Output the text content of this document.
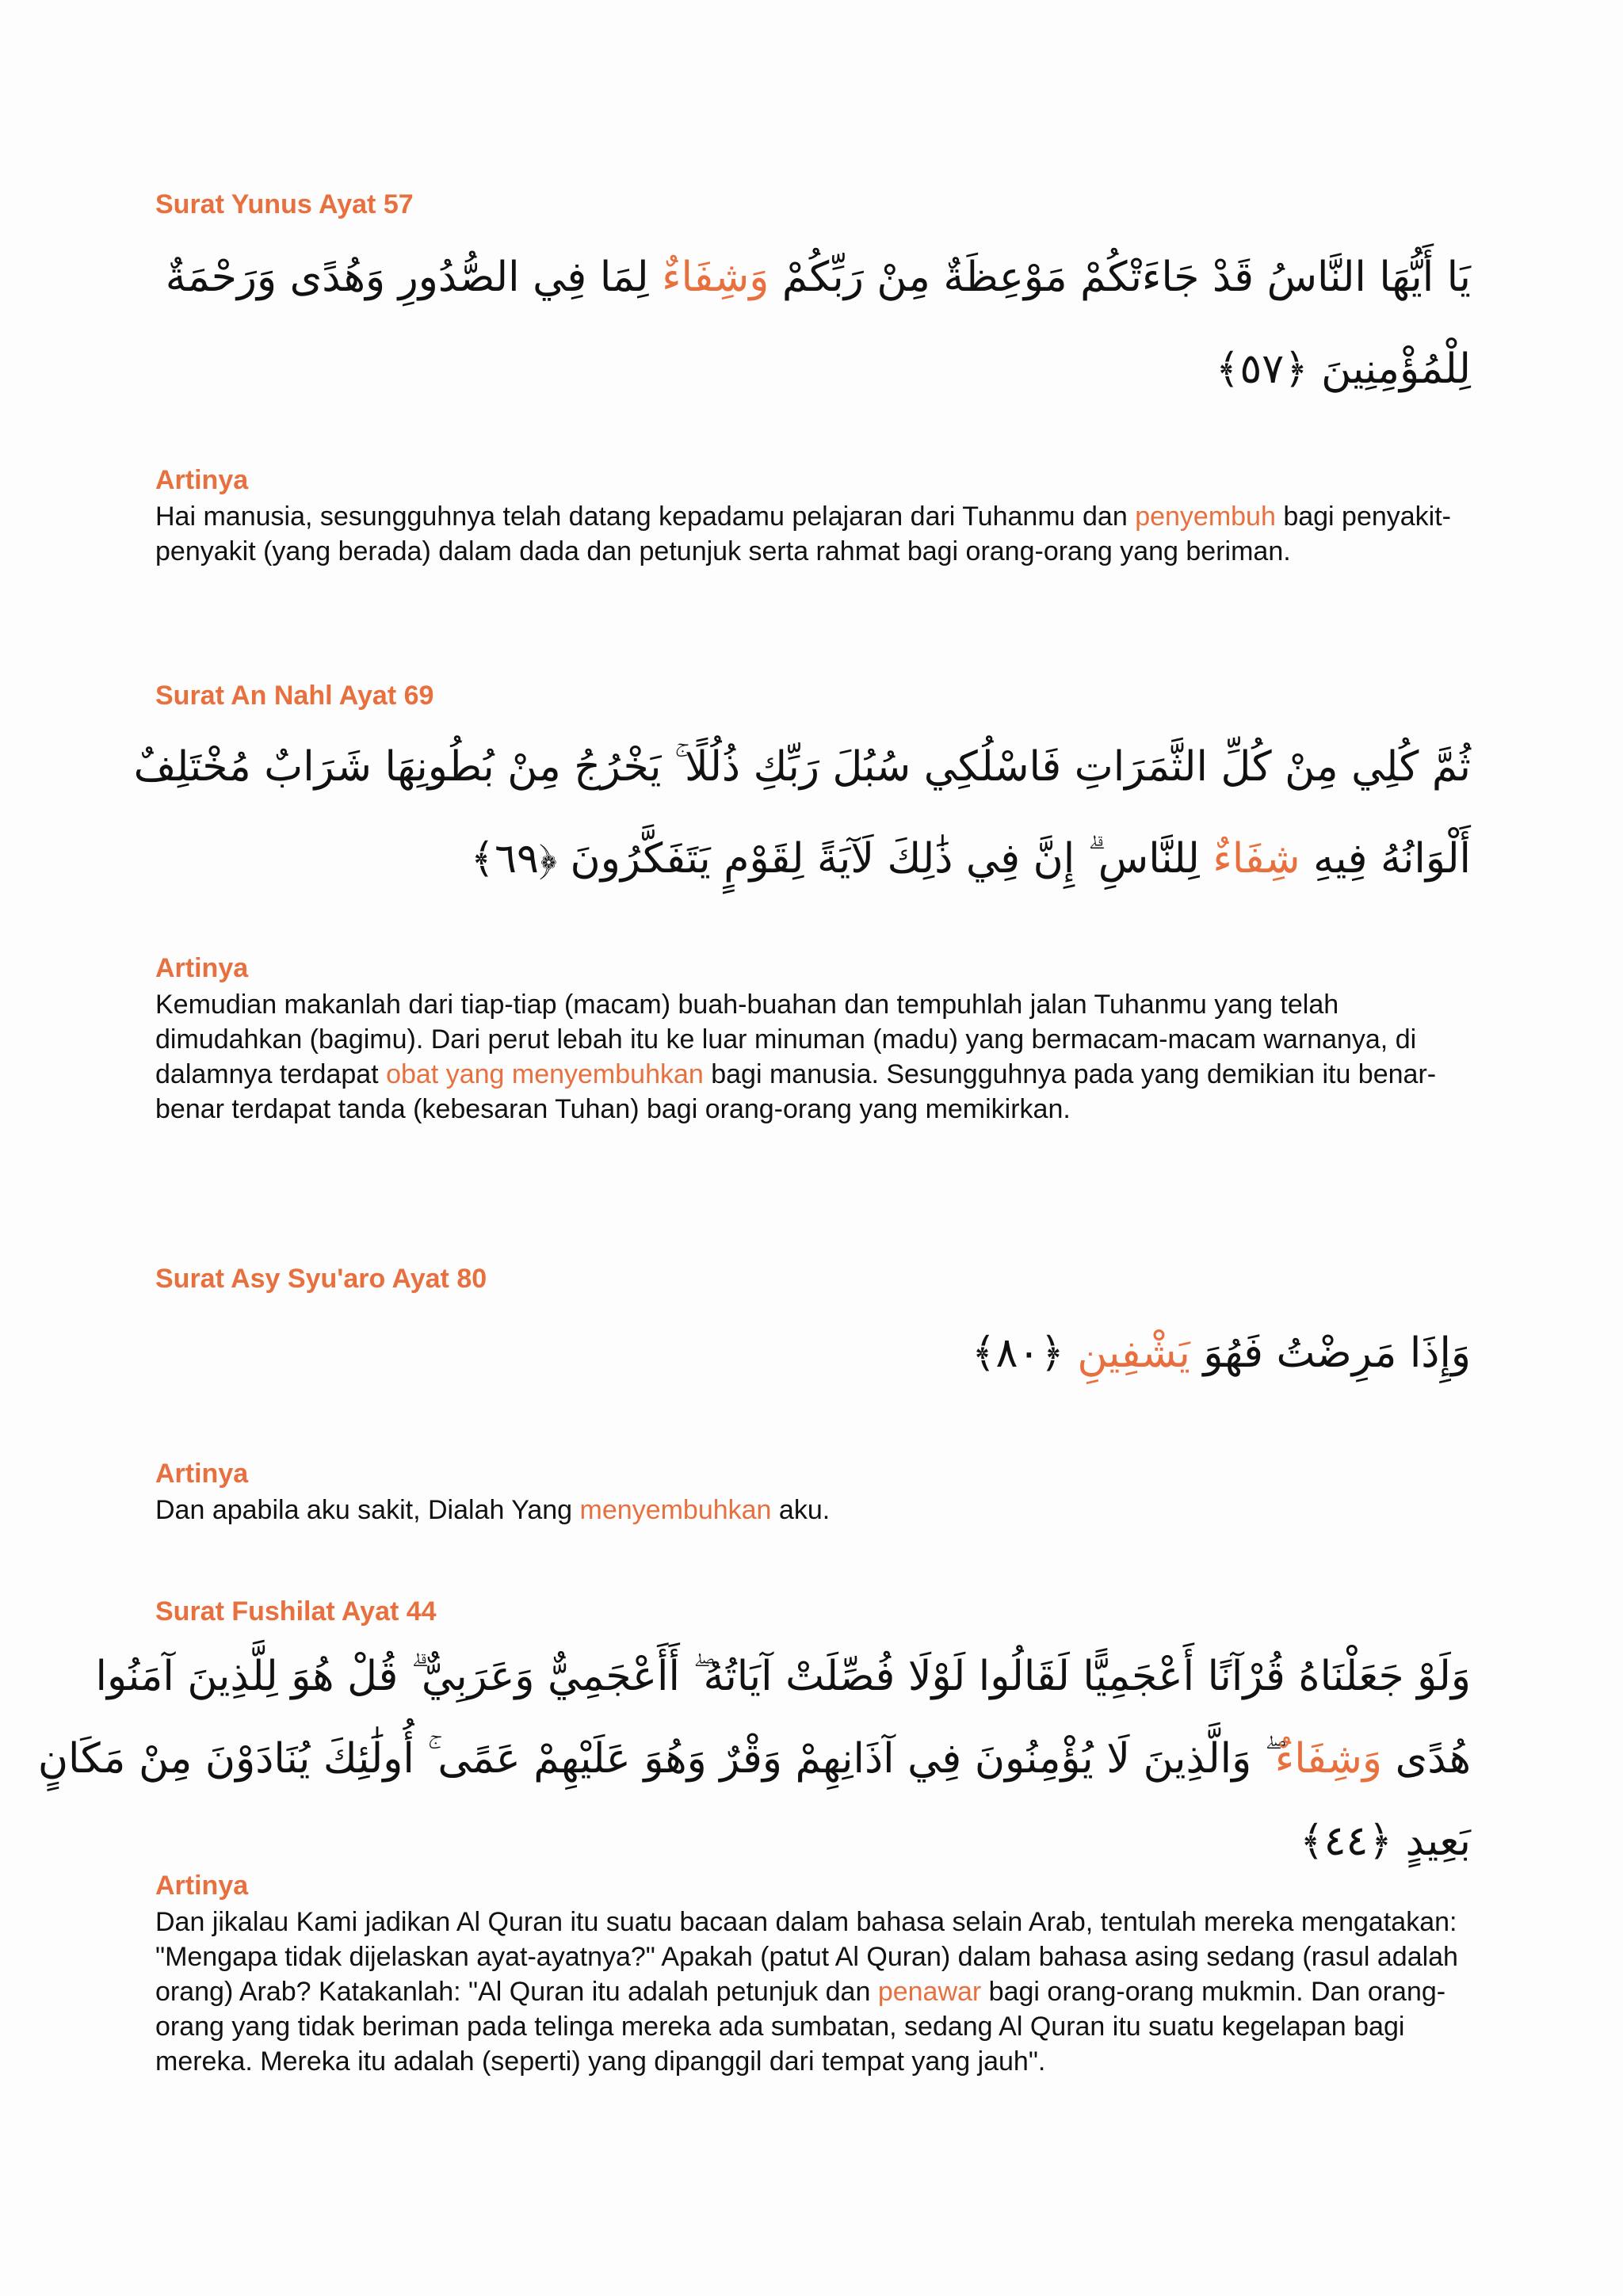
Surat Yunus Ayat 57
يَا أَيُّهَا النَّاسُ قَدْ جَاءَتْكُمْ مَوْعِظَةٌ مِنْ رَبِّكُمْ وَشِفَاءٌ لِمَا فِي الصُّدُورِ وَهُدًى وَرَحْمَةٌ
لِلْمُؤْمِنِينَ ﴿٥٧﴾
Artinya
Hai manusia, sesungguhnya telah datang kepadamu pelajaran dari Tuhanmu dan penyembuh bagi penyakit-penyakit (yang berada) dalam dada dan petunjuk serta rahmat bagi orang-orang yang beriman.
Surat An Nahl Ayat 69
ثُمَّ كُلِي مِنْ كُلِّ الثَّمَرَاتِ فَاسْلُكِي سُبُلَ رَبِّكِ ذُلُلًا ۚ يَخْرُجُ مِنْ بُطُونِهَا شَرَابٌ مُخْتَلِفٌ
أَلْوَانُهُ فِيهِ شِفَاءٌ لِلنَّاسِ ۗ إِنَّ فِي ذَٰلِكَ لَآيَةً لِقَوْمٍ يَتَفَكَّرُونَ ﴿٦٩﴾
Artinya
Kemudian makanlah dari tiap-tiap (macam) buah-buahan dan tempuhlah jalan Tuhanmu yang telah dimudahkan (bagimu). Dari perut lebah itu ke luar minuman (madu) yang bermacam-macam warnanya, di dalamnya terdapat obat yang menyembuhkan bagi manusia. Sesungguhnya pada yang demikian itu benar-benar terdapat tanda (kebesaran Tuhan) bagi orang-orang yang memikirkan.
Surat Asy Syu'aro Ayat 80
وَإِذَا مَرِضْتُ فَهُوَ يَشْفِينِ ﴿٨٠﴾
Artinya
Dan apabila aku sakit, Dialah Yang menyembuhkan aku.
Surat Fushilat Ayat 44
وَلَوْ جَعَلْنَاهُ قُرْآنًا أَعْجَمِيًّا لَقَالُوا لَوْلَا فُصِّلَتْ آيَاتُهُ ۖ أَأَعْجَمِيٌّ وَعَرَبِيٌّ ۗ قُلْ هُوَ لِلَّذِينَ آمَنُوا
هُدًى وَشِفَاءٌ ۖ وَالَّذِينَ لَا يُؤْمِنُونَ فِي آذَانِهِمْ وَقْرٌ وَهُوَ عَلَيْهِمْ عَمًى ۚ أُولَٰئِكَ يُنَادَوْنَ مِنْ مَكَانٍ
بَعِيدٍ ﴿٤٤﴾
Artinya
Dan jikalau Kami jadikan Al Quran itu suatu bacaan dalam bahasa selain Arab, tentulah mereka mengatakan: "Mengapa tidak dijelaskan ayat-ayatnya?" Apakah (patut Al Quran) dalam bahasa asing sedang (rasul adalah orang) Arab? Katakanlah: "Al Quran itu adalah petunjuk dan penawar bagi orang-orang mukmin. Dan orang-orang yang tidak beriman pada telinga mereka ada sumbatan, sedang Al Quran itu suatu kegelapan bagi mereka. Mereka itu adalah (seperti) yang dipanggil dari tempat yang jauh".
